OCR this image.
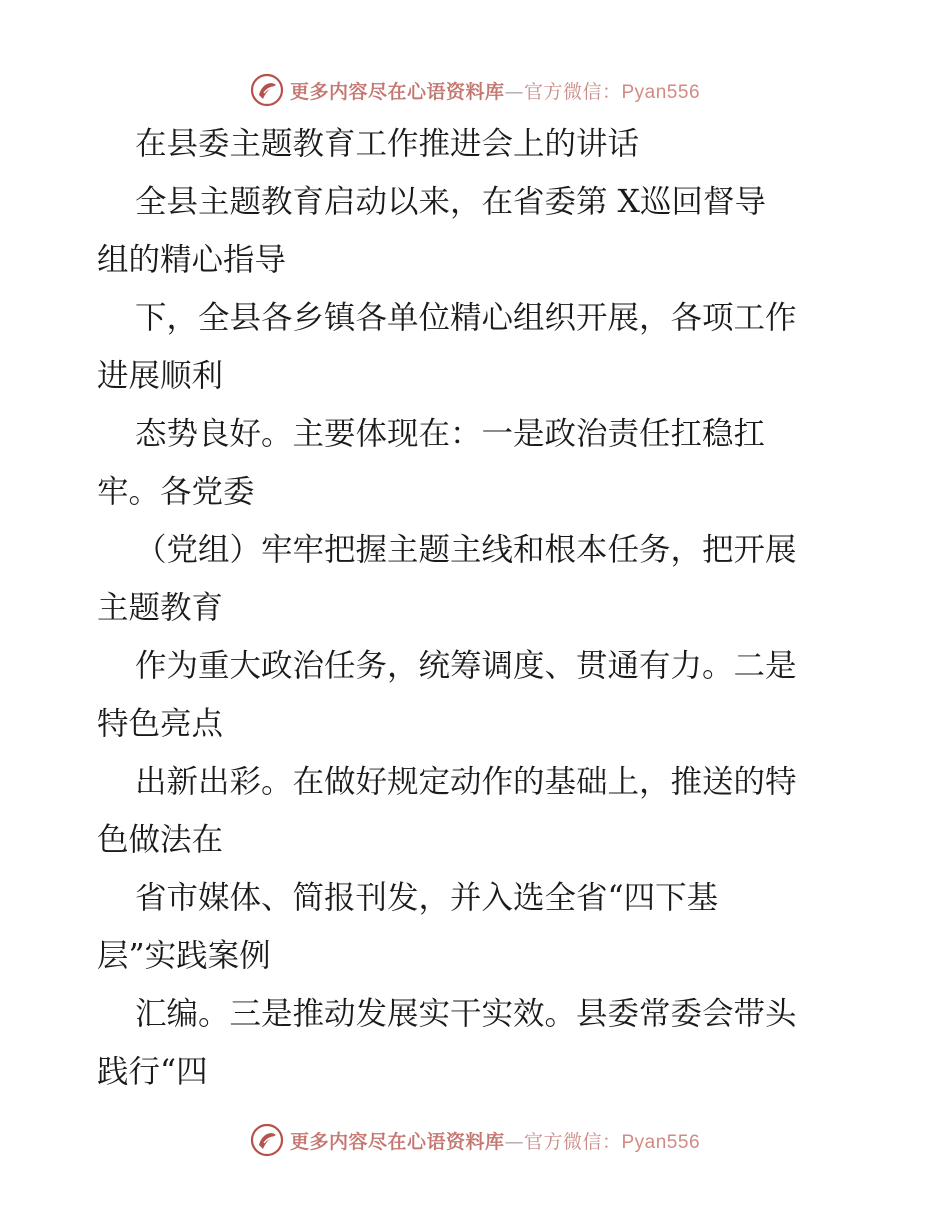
更多内容尽在心语资料库—官方微信：Pyan556
在县委主题教育工作推进会上的讲话
全县主题教育启动以来，在省委第 X巡回督导
组的精心指导
下，全县各乡镇各单位精心组织开展，各项工作
进展顺利
态势良好。主要体现在：一是政治责任扛稳扛
牢。各党委
（党组）牢牢把握主题主线和根本任务，把开展
主题教育
作为重大政治任务，统筹调度、贯通有力。二是
特色亮点
出新出彩。在做好规定动作的基础上，推送的特
色做法在
省市媒体、简报刊发，并入选全省“四下基
层”实践案例
汇编。三是推动发展实干实效。县委常委会带头
践行“四
更多内容尽在心语资料库—官方微信：Pyan556
